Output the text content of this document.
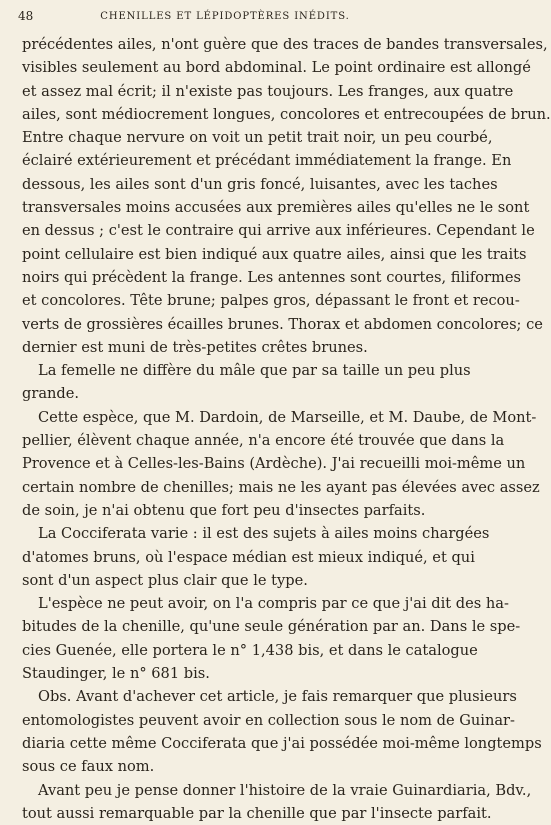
48	CHENILLES ET LÉPIDOPTÈRES INÉDITS.
précédentes ailes, n'ont guère que des traces de bandes transversales,
visibles seulement au bord abdominal. Le point ordinaire est allongé
et assez mal écrit; il n'existe pas toujours. Les franges, aux quatre
ailes, sont médiocrement longues, concolores et entrecoupées de brun.
Entre chaque nervure on voit un petit trait noir, un peu courbé,
éclairé extérieurement et précédant immédiatement la frange. En
dessous, les ailes sont d'un gris foncé, luisantes, avec les taches
transversales moins accusées aux premières ailes qu'elles ne le sont
en dessus ; c'est le contraire qui arrive aux inférieures. Cependant le
point cellulaire est bien indiqué aux quatre ailes, ainsi que les traits
noirs qui précèdent la frange. Les antennes sont courtes, filiformes
et concolores. Tête brune; palpes gros, dépassant le front et recou-
verts de grossières écailles brunes. Thorax et abdomen concolores; ce
dernier est muni de très-petites crêtes brunes.
La femelle ne diffère du mâle que par sa taille un peu plus
grande.
Cette espèce, que M. Dardoin, de Marseille, et M. Daube, de Mont-
pellier, élèvent chaque année, n'a encore été trouvée que dans la
Provence et à Celles-les-Bains (Ardèche). J'ai recueilli moi-même un
certain nombre de chenilles; mais ne les ayant pas élevées avec assez
de soin, je n'ai obtenu que fort peu d'insectes parfaits.
La Cocciferata varie : il est des sujets à ailes moins chargées
d'atomes bruns, où l'espace médian est mieux indiqué, et qui
sont d'un aspect plus clair que le type.
L'espèce ne peut avoir, on l'a compris par ce que j'ai dit des ha-
bitudes de la chenille, qu'une seule génération par an. Dans le spe-
cies Guenée, elle portera le n° 1,438 bis, et dans le catalogue
Staudinger, le n° 681 bis.
Obs. Avant d'achever cet article, je fais remarquer que plusieurs
entomologistes peuvent avoir en collection sous le nom de Guinar-
diaria cette même Cocciferata que j'ai possédée moi-même longtemps
sous ce faux nom.
Avant peu je pense donner l'histoire de la vraie Guinardiaria, Bdv.,
tout aussi remarquable par la chenille que par l'insecte parfait.
